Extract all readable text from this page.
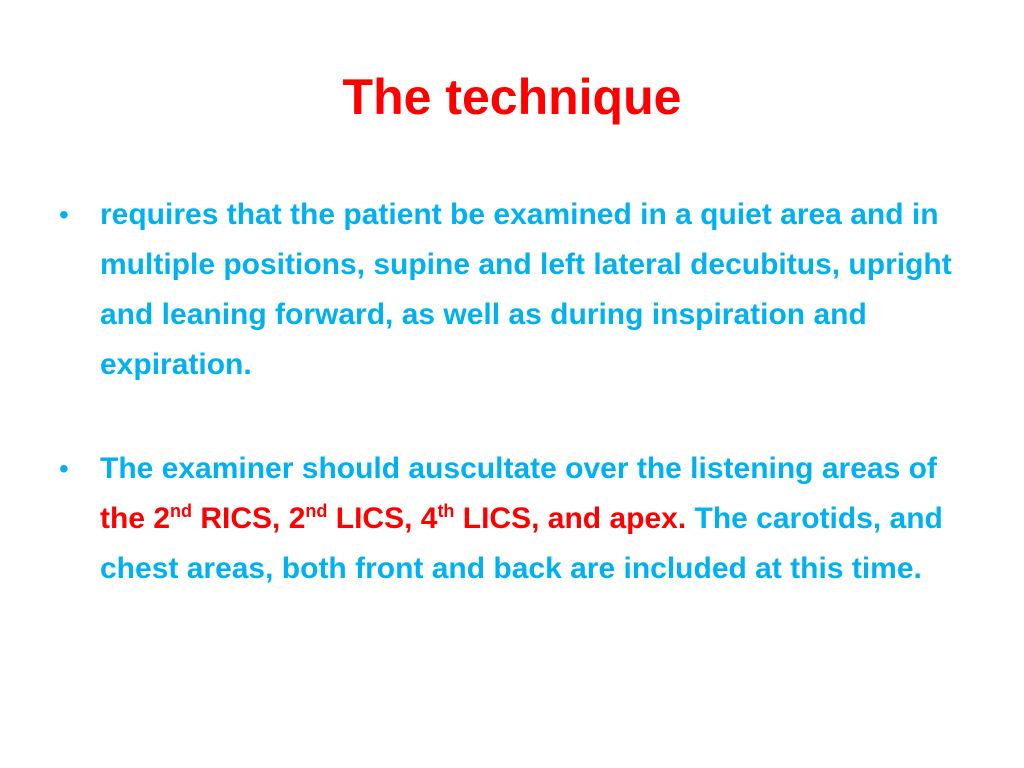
The technique
• requires that the patient be examined in a quiet area and in multiple positions, supine and left lateral decubitus, upright and leaning forward, as well as during inspiration and expiration.
• The examiner should auscultate over the listening areas of the 2nd RICS, 2nd LICS, 4th LICS, and apex. The carotids, and chest areas, both front and back are included at this time.
